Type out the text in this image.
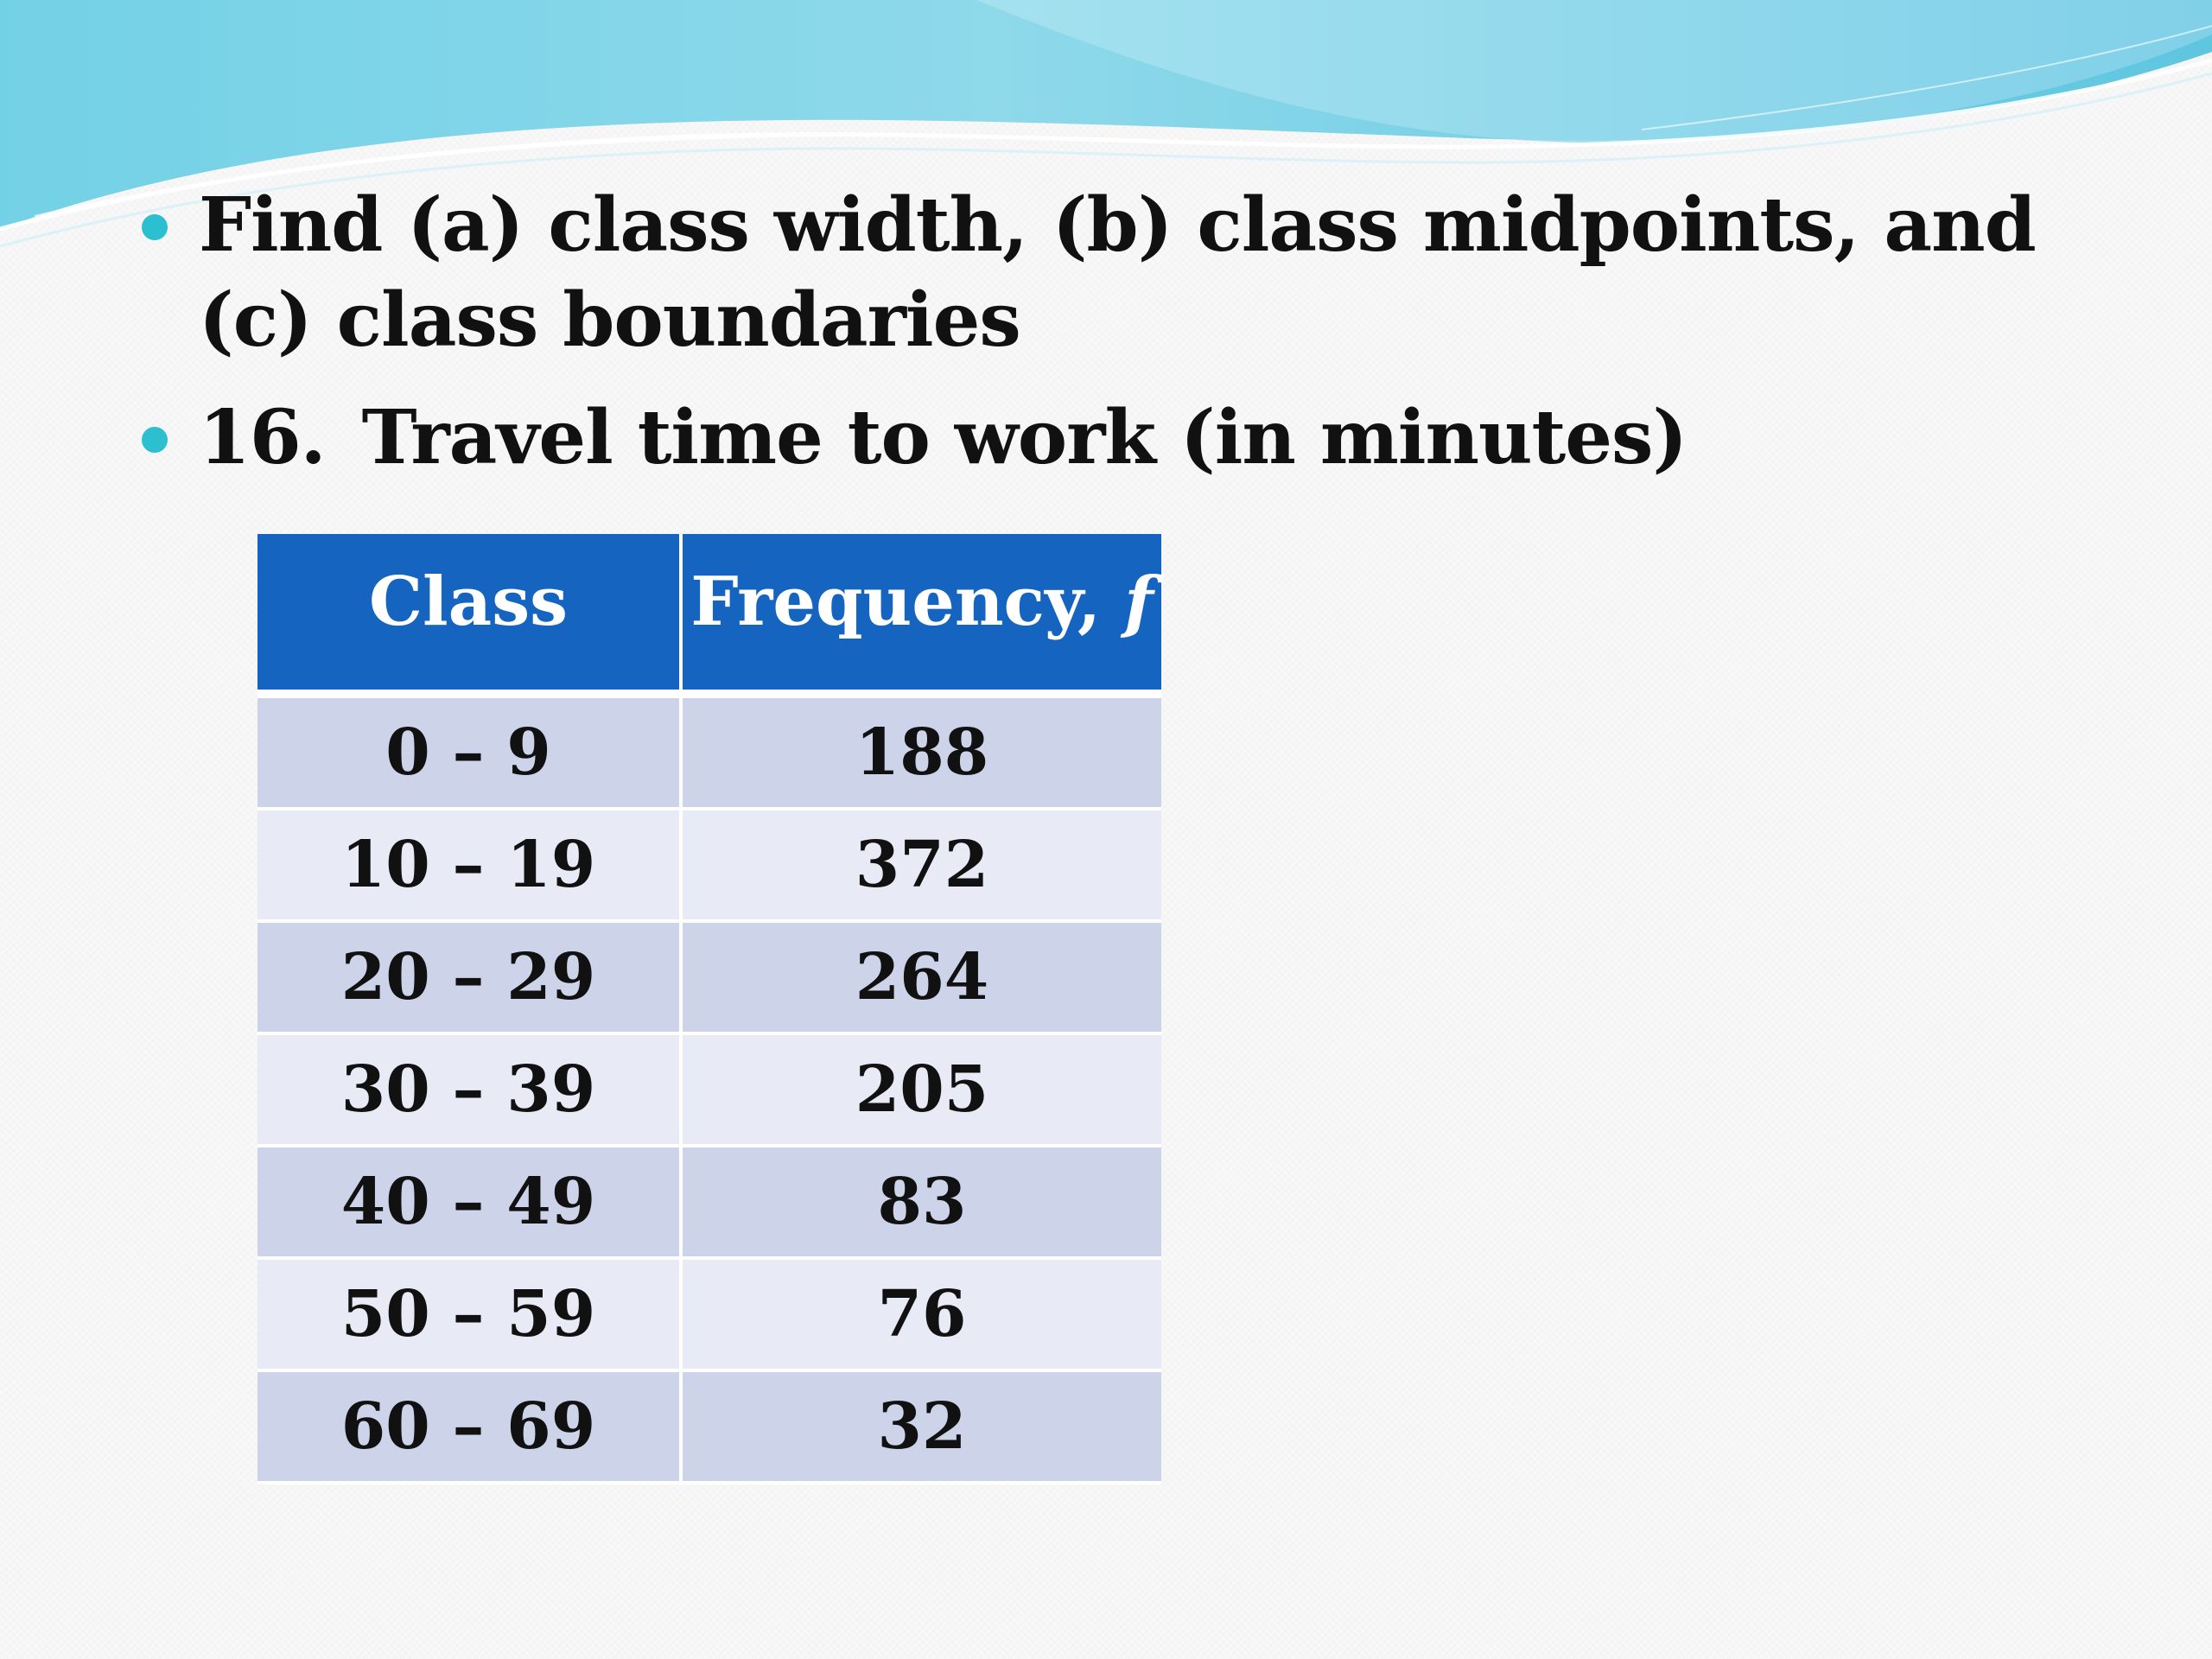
Find (a) class width, (b) class midpoints, and (c) class boundaries
16. Travel time to work (in minutes)
Class	Frequency, f
0 – 9	188
10 – 19	372
20 – 29	264
30 – 39	205
40 – 49	83
50 – 59	76
60 – 69	32
